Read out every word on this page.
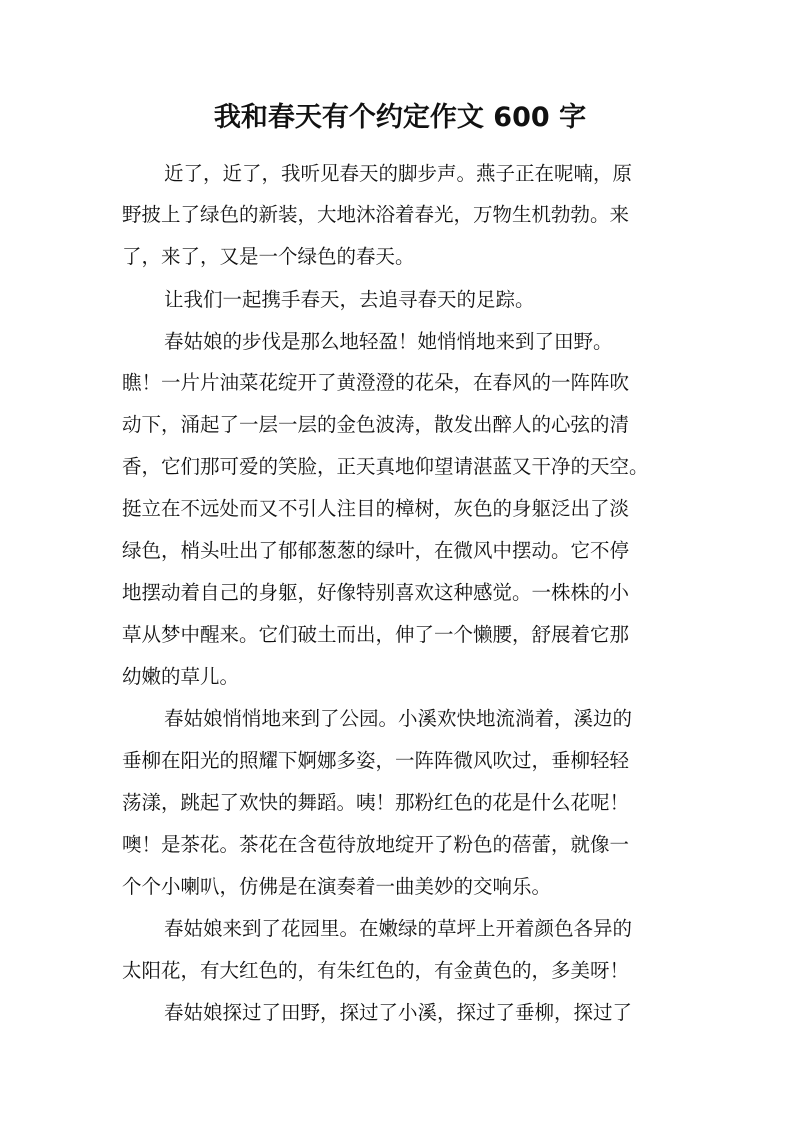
我和春天有个约定作文 600 字
近了，近了，我听见春天的脚步声。燕子正在呢喃，原
野披上了绿色的新装，大地沐浴着春光，万物生机勃勃。来
了，来了，又是一个绿色的春天。
让我们一起携手春天，去追寻春天的足踪。
春姑娘的步伐是那么地轻盈！她悄悄地来到了田野。
瞧！一片片油菜花绽开了黄澄澄的花朵，在春风的一阵阵吹
动下，涌起了一层一层的金色波涛，散发出醉人的心弦的清
香，它们那可爱的笑脸，正天真地仰望请湛蓝又干净的天空。
挺立在不远处而又不引人注目的樟树，灰色的身躯泛出了淡
绿色，梢头吐出了郁郁葱葱的绿叶，在微风中摆动。它不停
地摆动着自己的身躯，好像特别喜欢这种感觉。一株株的小
草从梦中醒来。它们破土而出，伸了一个懒腰，舒展着它那
幼嫩的草儿。
春姑娘悄悄地来到了公园。小溪欢快地流淌着，溪边的
垂柳在阳光的照耀下婀娜多姿，一阵阵微风吹过，垂柳轻轻
荡漾，跳起了欢快的舞蹈。咦！那粉红色的花是什么花呢！
噢！是茶花。茶花在含苞待放地绽开了粉色的蓓蕾，就像一
个个小喇叭，仿佛是在演奏着一曲美妙的交响乐。
春姑娘来到了花园里。在嫩绿的草坪上开着颜色各异的
太阳花，有大红色的，有朱红色的，有金黄色的，多美呀！
春姑娘探过了田野，探过了小溪，探过了垂柳，探过了
